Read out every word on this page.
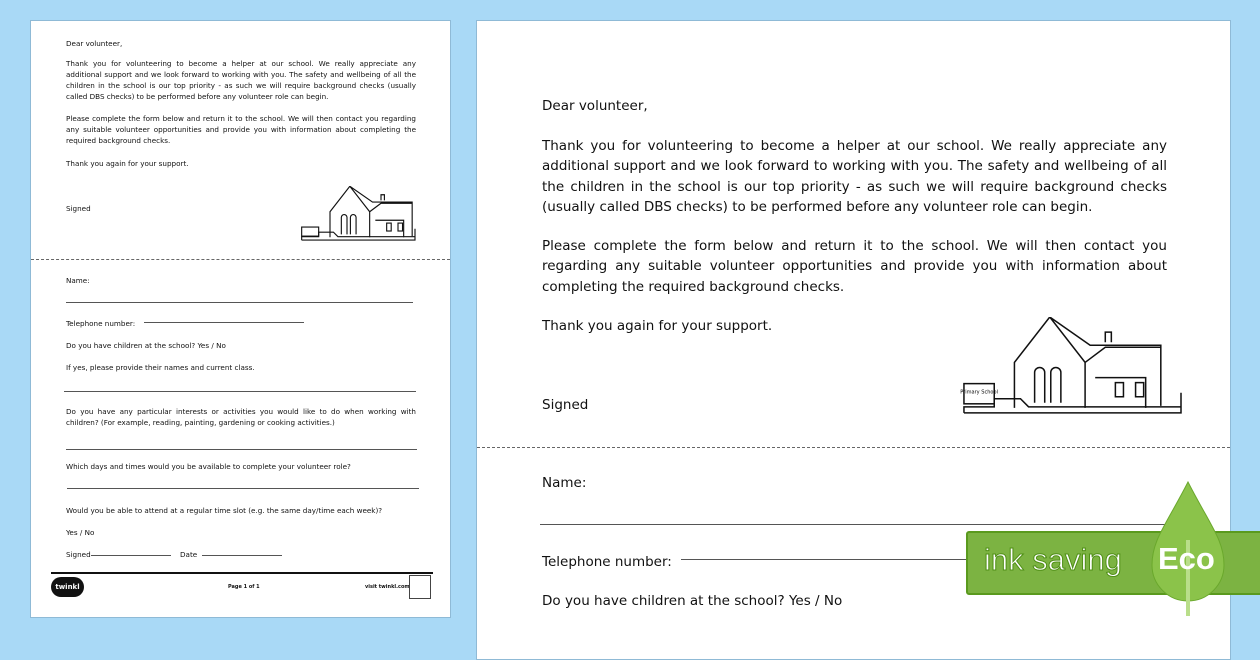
Dear volunteer,
Thank you for volunteering to become a helper at our school. We really appreciate any additional support and we look forward to working with you. The safety and wellbeing of all the children in the school is our top priority - as such we will require background checks (usually called DBS checks) to be performed before any volunteer role can begin.
Please complete the form below and return it to the school. We will then contact you regarding any suitable volunteer opportunities and provide you with information about completing the required background checks.
Thank you again for your support.
Signed
Name:
Telephone number:
Do you have children at the school? Yes / No
If yes, please provide their names and current class.
Do you have any particular interests or activities you would like to do when working with children? (For example, reading, painting, gardening or cooking activities.)
Which days and times would you be available to complete your volunteer role?
Would you be able to attend at a regular time slot (e.g. the same day/time each week)?
Yes / No
Signed	Date
twinkl	Page 1 of 1	visit twinkl.com
Dear volunteer,
Thank you for volunteering to become a helper at our school. We really appreciate any additional support and we look forward to working with you. The safety and wellbeing of all the children in the school is our top priority - as such we will require background checks (usually called DBS checks) to be performed before any volunteer role can begin.
Please complete the form below and return it to the school. We will then contact you regarding any suitable volunteer opportunities and provide you with information about completing the required background checks.
Thank you again for your support.
Signed
Primary School
Name:
Telephone number:
Do you have children at the school? Yes / No
ink saving Eco
